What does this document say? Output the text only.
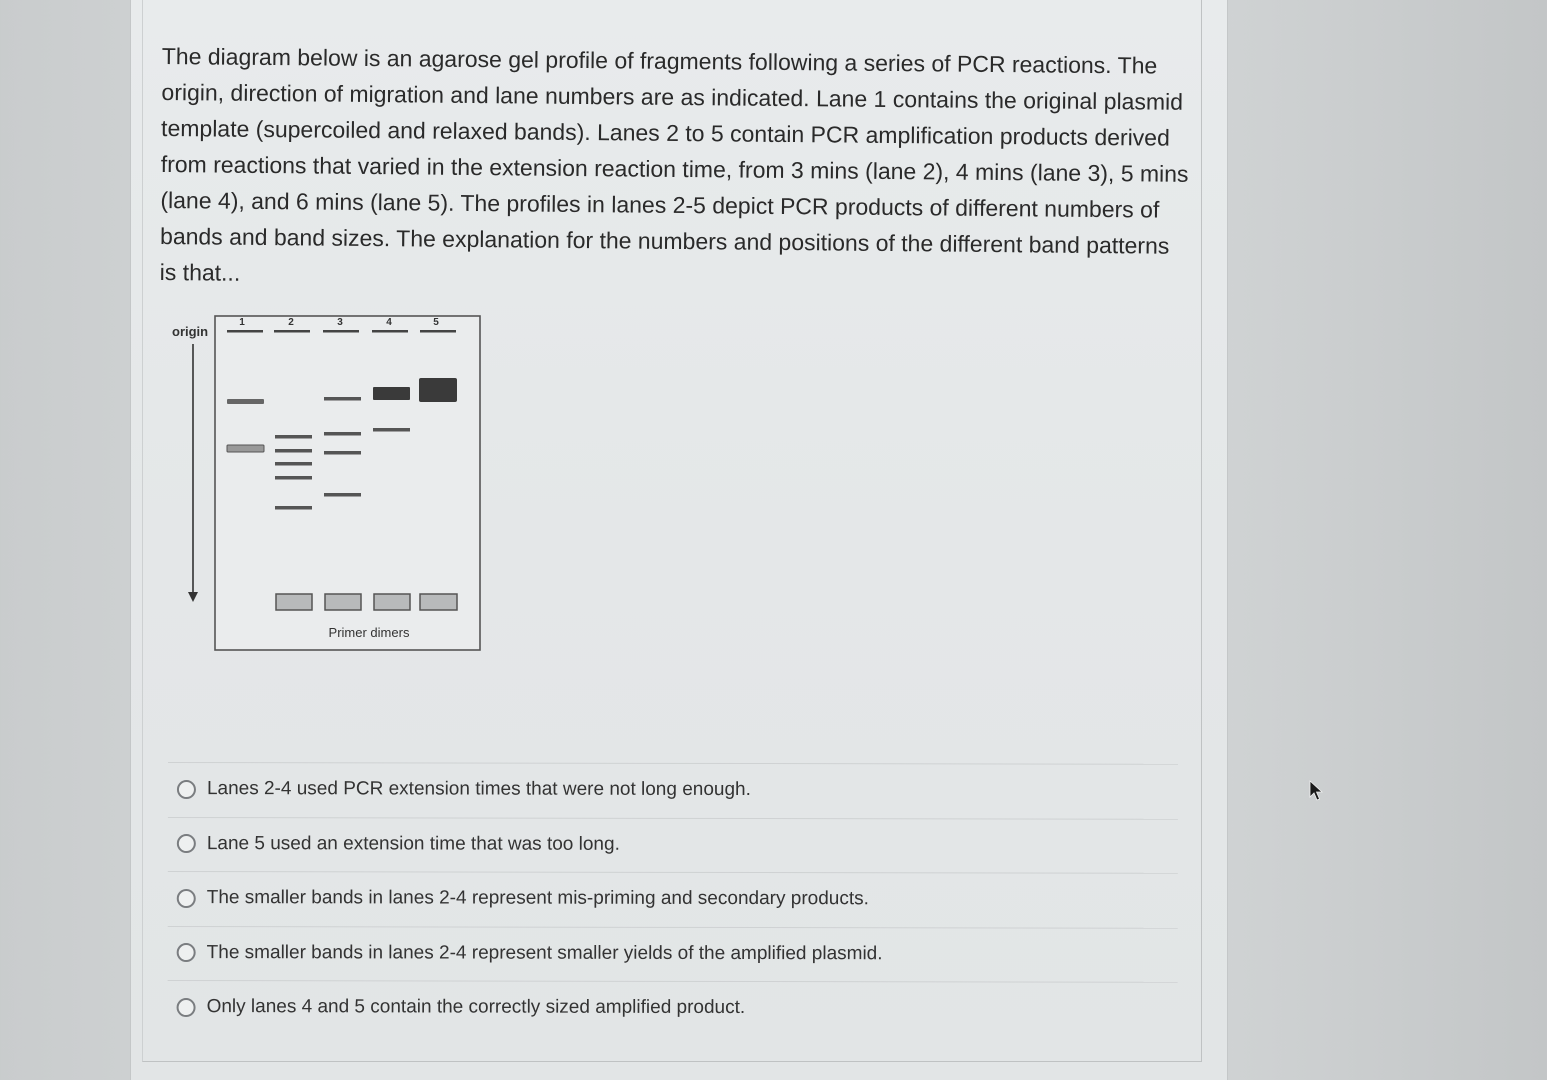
The diagram below is an agarose gel profile of fragments following a series of PCR reactions. The origin, direction of migration and lane numbers are as indicated. Lane 1 contains the original plasmid template (supercoiled and relaxed bands). Lanes 2 to 5 contain PCR amplification products derived from reactions that varied in the extension reaction time, from 3 mins (lane 2), 4 mins (lane 3), 5 mins (lane 4), and 6 mins (lane 5). The profiles in lanes 2-5 depict PCR products of different numbers of bands and band sizes. The explanation for the numbers and positions of the different band patterns is that...

origin
1	2	3	4	5
Primer dimers
Lanes 2-4 used PCR extension times that were not long enough.
Lane 5 used an extension time that was too long.
The smaller bands in lanes 2-4 represent mis-priming and secondary products.
The smaller bands in lanes 2-4 represent smaller yields of the amplified plasmid.
Only lanes 4 and 5 contain the correctly sized amplified product.
